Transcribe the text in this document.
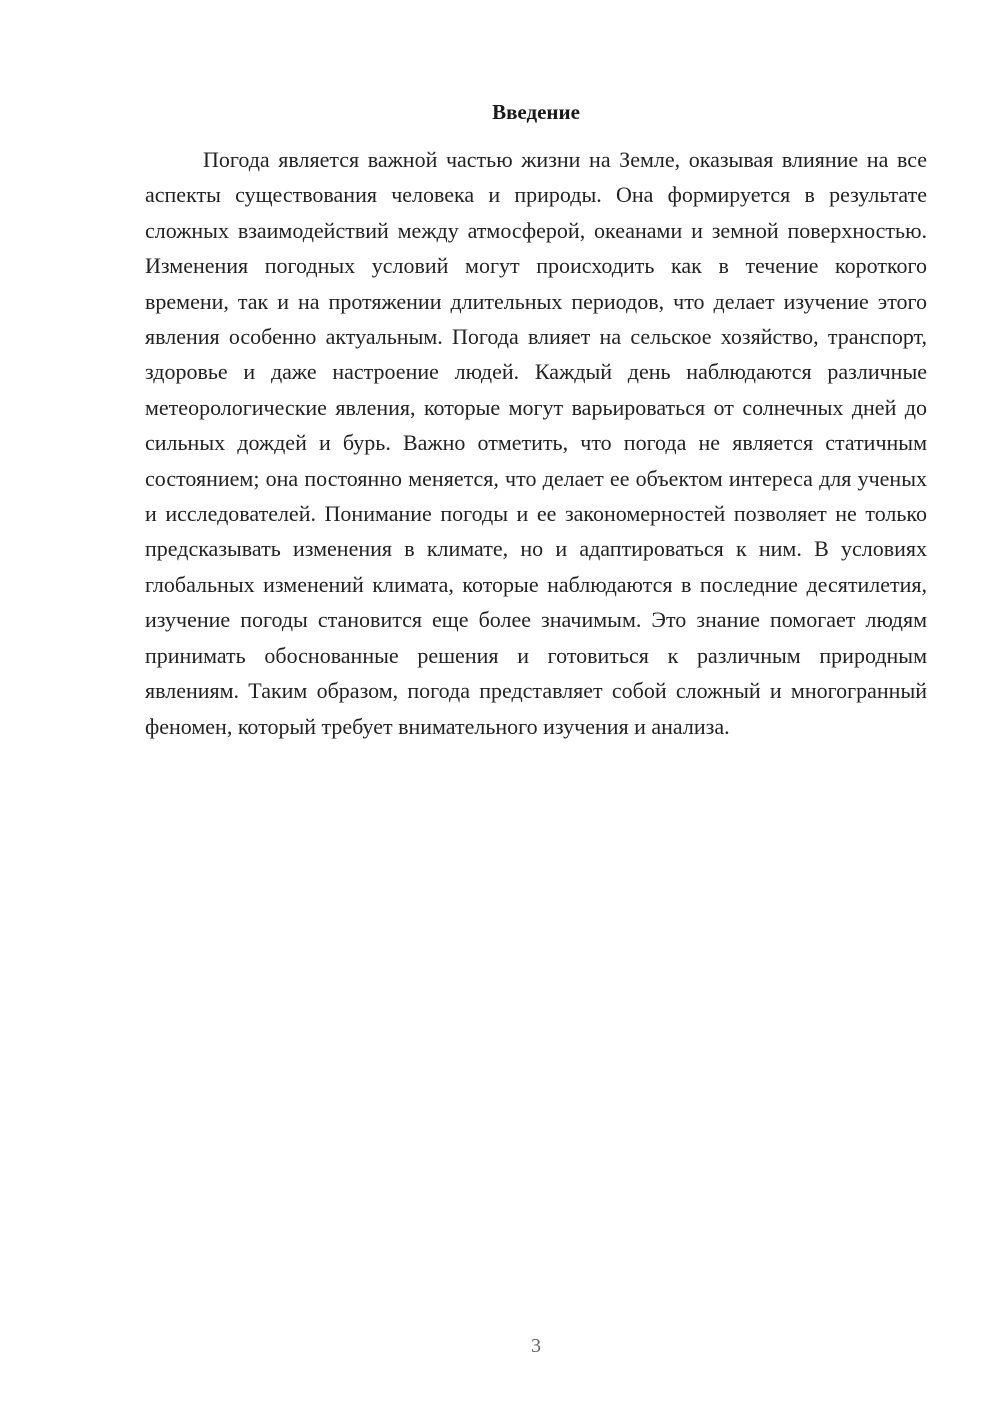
Введение

Погода является важной частью жизни на Земле, оказывая влияние на все аспекты существования человека и природы. Она формируется в результате сложных взаимодействий между атмосферой, океанами и земной поверхностью. Изменения погодных условий могут происходить как в течение короткого времени, так и на протяжении длительных периодов, что делает изучение этого явления особенно актуальным. Погода влияет на сельское хозяйство, транспорт, здоровье и даже настроение людей. Каждый день наблюдаются различные метеорологические явления, которые могут варьироваться от солнечных дней до сильных дождей и бурь. Важно отметить, что погода не является статичным состоянием; она постоянно меняется, что делает ее объектом интереса для ученых и исследователей. Понимание погоды и ее закономерностей позволяет не только предсказывать изменения в климате, но и адаптироваться к ним. В условиях глобальных изменений климата, которые наблюдаются в последние десятилетия, изучение погоды становится еще более значимым. Это знание помогает людям принимать обоснованные решения и готовиться к различным природным явлениям. Таким образом, погода представляет собой сложный и многогранный феномен, который требует внимательного изучения и анализа.

3
